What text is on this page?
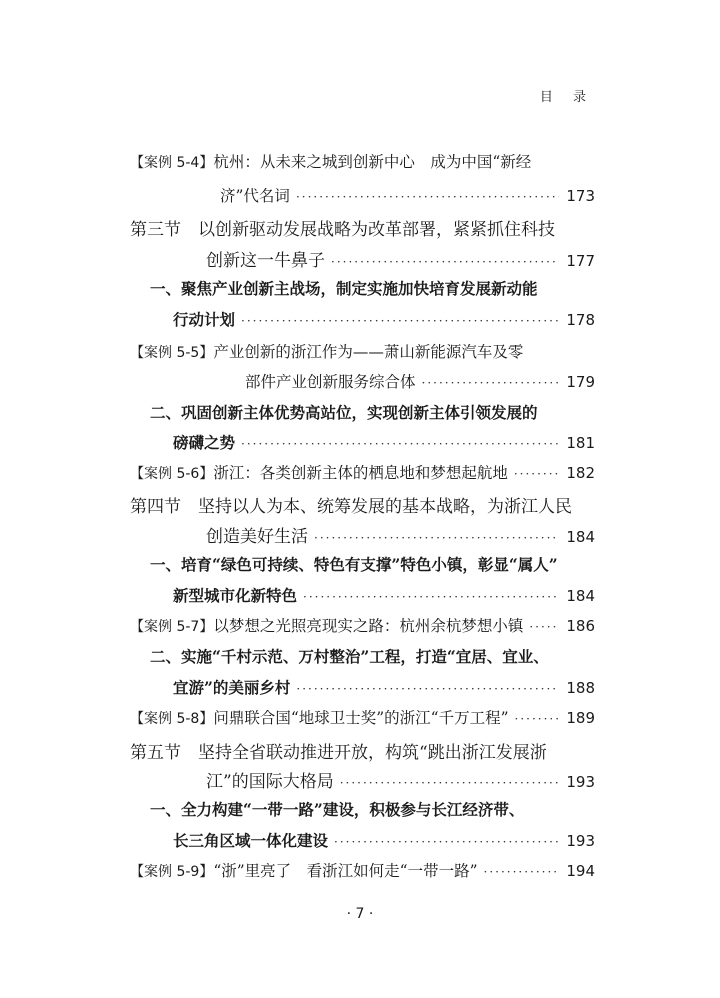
目 录
【案例 5-4】 杭州：从未来之城到创新中心　成为中国“新经
济”代名词 ·····	173
第三节　以创新驱动发展战略为改革部署，紧紧抓住科技
创新这一牛鼻子 ·····	177
一、聚焦产业创新主战场，制定实施加快培育发展新动能
行动计划 ·····	178
【案例 5-5】 产业创新的浙江作为——萧山新能源汽车及零
部件产业创新服务综合体 ·····	179
二、巩固创新主体优势高站位，实现创新主体引领发展的
磅礴之势 ·····	181
【案例 5-6】 浙江：各类创新主体的栖息地和梦想起航地 ·····	182
第四节　坚持以人为本、统筹发展的基本战略，为浙江人民
创造美好生活 ·····	184
一、培育“绿色可持续、特色有支撑”特色小镇，彰显“属人”
新型城市化新特色 ·····	184
【案例 5-7】 以梦想之光照亮现实之路：杭州余杭梦想小镇 ·····	186
二、实施“千村示范、万村整治”工程，打造“宜居、宜业、
宜游”的美丽乡村 ·····	188
【案例 5-8】 问鼎联合国“地球卫士奖”的浙江“千万工程” ·····	189
第五节　坚持全省联动推进开放，构筑“跳出浙江发展浙
江”的国际大格局 ·····	193
一、全力构建“一带一路”建设，积极参与长江经济带、
长三角区域一体化建设 ·····	193
【案例 5-9】 “浙”里亮了　看浙江如何走“一带一路” ·····	194
· 7 ·
